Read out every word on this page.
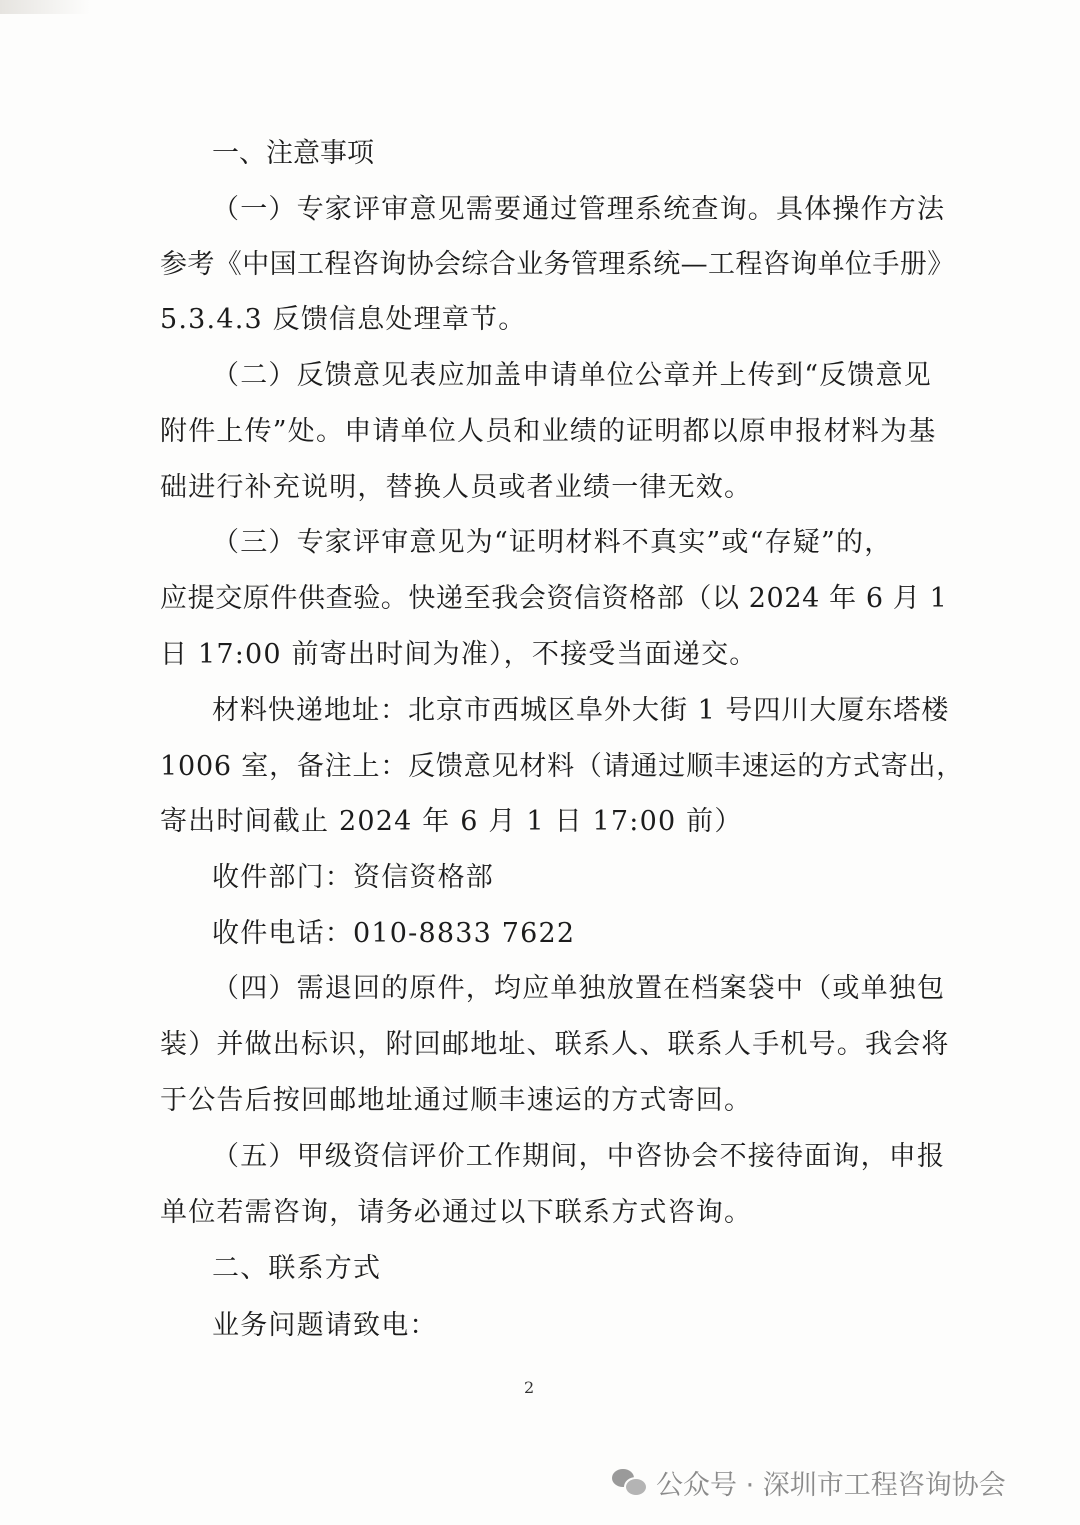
一、注意事项
（一）专家评审意见需要通过管理系统查询。具体操作方法
参考《中国工程咨询协会综合业务管理系统—工程咨询单位手册》
5.3.4.3 反馈信息处理章节。
（二）反馈意见表应加盖申请单位公章并上传到“反馈意见
附件上传”处。申请单位人员和业绩的证明都以原申报材料为基
础进行补充说明，替换人员或者业绩一律无效。
（三）专家评审意见为“证明材料不真实”或“存疑”的，
应提交原件供查验。快递至我会资信资格部（以 2024 年 6 月 1
日 17:00 前寄出时间为准），不接受当面递交。
材料快递地址：北京市西城区阜外大街 1 号四川大厦东塔楼
1006 室，备注上：反馈意见材料（请通过顺丰速运的方式寄出，
寄出时间截止 2024 年 6 月 1 日 17:00 前）
收件部门：资信资格部
收件电话：010-8833 7622
（四）需退回的原件，均应单独放置在档案袋中（或单独包
装）并做出标识，附回邮地址、联系人、联系人手机号。我会将
于公告后按回邮地址通过顺丰速运的方式寄回。
（五）甲级资信评价工作期间，中咨协会不接待面询，申报
单位若需咨询，请务必通过以下联系方式咨询。
二、联系方式
业务问题请致电：
2
公众号 · 深圳市工程咨询协会
